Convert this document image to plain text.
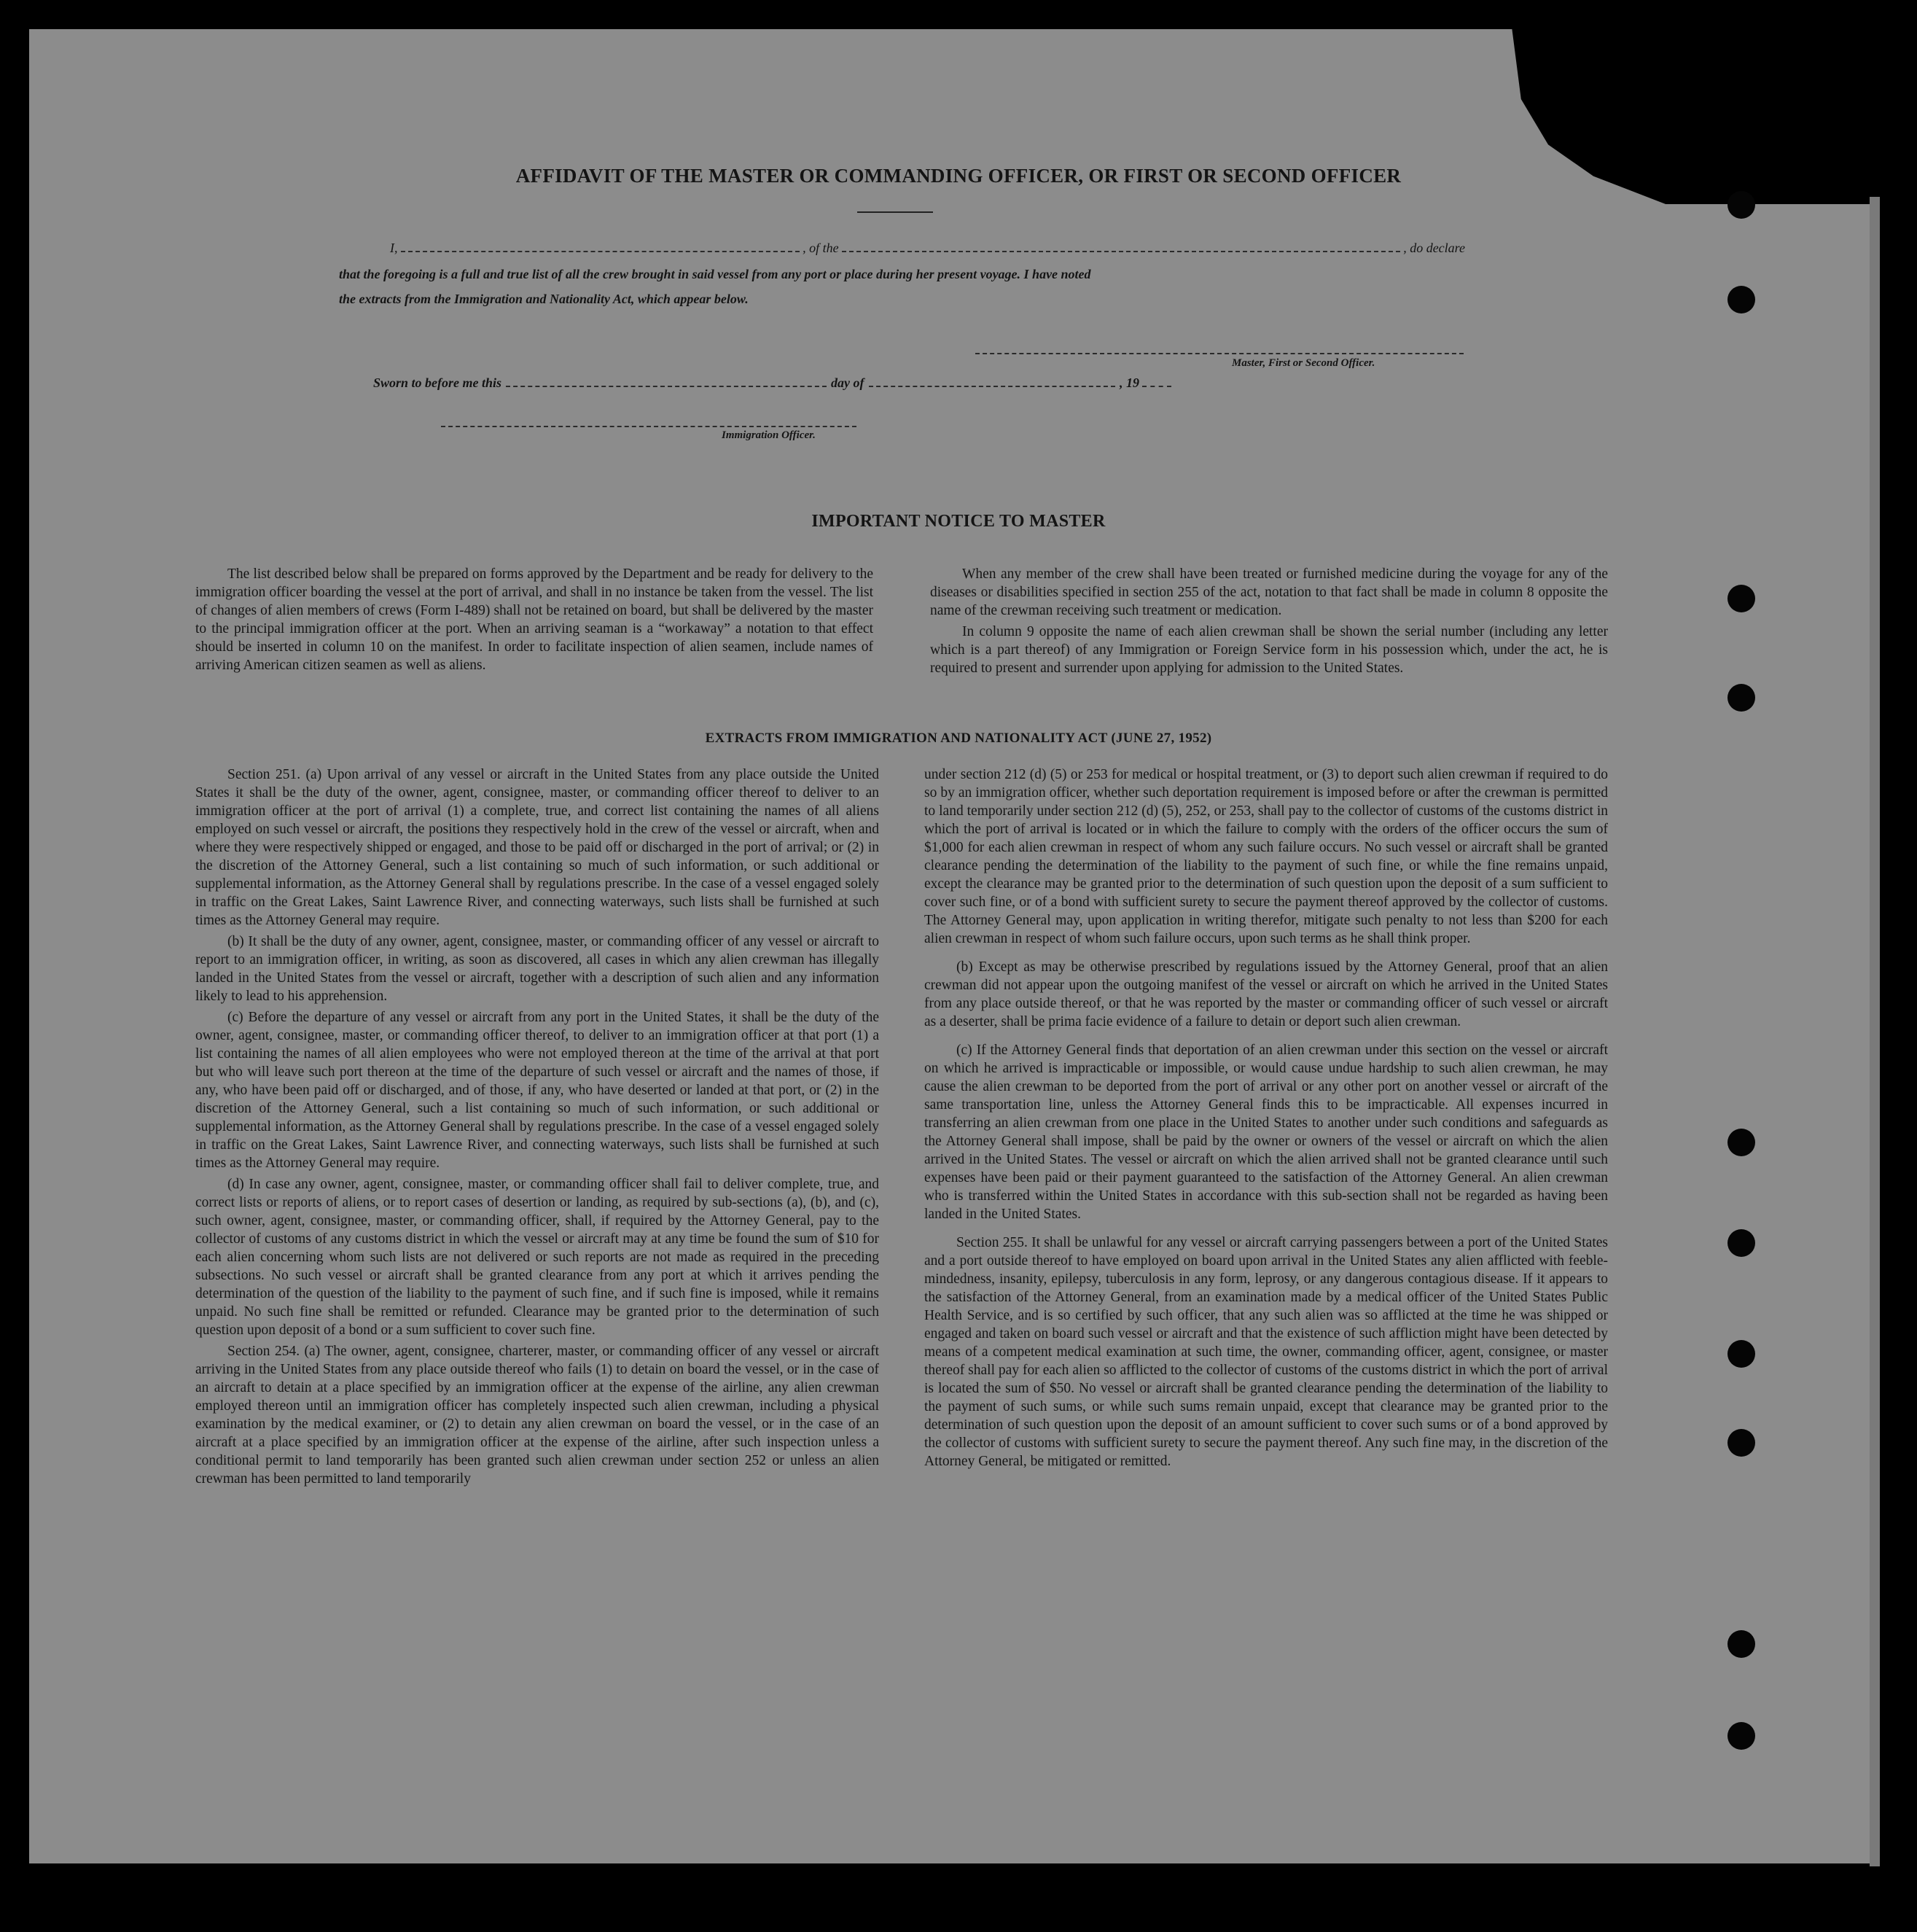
AFFIDAVIT OF THE MASTER OR COMMANDING OFFICER, OR FIRST OR SECOND OFFICER
I,	, of the	, do declare
that the foregoing is a full and true list of all the crew brought in said vessel from any port or place during her present voyage. I have noted
the extracts from the Immigration and Nationality Act, which appear below.
Master, First or Second Officer.
Sworn to before me this	day of	, 19
Immigration Officer.
IMPORTANT NOTICE TO MASTER

The list described below shall be prepared on forms approved by the Department and be ready for delivery to the immigration officer boarding the vessel at the port of arrival, and shall in no instance be taken from the vessel. The list of changes of alien members of crews (Form I-489) shall not be retained on board, but shall be delivered by the master to the principal immigration officer at the port. When an arriving seaman is a “workaway” a notation to that effect should be inserted in column 10 on the manifest. In order to facilitate inspection of alien seamen, include names of arriving American citizen seamen as well as aliens.

When any member of the crew shall have been treated or furnished medicine during the voyage for any of the diseases or disabilities specified in section 255 of the act, notation to that fact shall be made in column 8 opposite the name of the crewman receiving such treatment or medication.

In column 9 opposite the name of each alien crewman shall be shown the serial number (including any letter which is a part thereof) of any Immigration or Foreign Service form in his possession which, under the act, he is required to present and surrender upon applying for admission to the United States.

EXTRACTS FROM IMMIGRATION AND NATIONALITY ACT (JUNE 27, 1952)

Section 251. (a) Upon arrival of any vessel or aircraft in the United States from any place outside the United States it shall be the duty of the owner, agent, consignee, master, or commanding officer thereof to deliver to an immigration officer at the port of arrival (1) a complete, true, and correct list containing the names of all aliens employed on such vessel or aircraft, the positions they respectively hold in the crew of the vessel or aircraft, when and where they were respectively shipped or engaged, and those to be paid off or discharged in the port of arrival; or (2) in the discretion of the Attorney General, such a list containing so much of such information, or such additional or supplemental information, as the Attorney General shall by regulations prescribe. In the case of a vessel engaged solely in traffic on the Great Lakes, Saint Lawrence River, and connecting waterways, such lists shall be furnished at such times as the Attorney General may require.

(b) It shall be the duty of any owner, agent, consignee, master, or commanding officer of any vessel or aircraft to report to an immigration officer, in writing, as soon as discovered, all cases in which any alien crewman has illegally landed in the United States from the vessel or aircraft, together with a description of such alien and any information likely to lead to his apprehension.

(c) Before the departure of any vessel or aircraft from any port in the United States, it shall be the duty of the owner, agent, consignee, master, or commanding officer thereof, to deliver to an immigration officer at that port (1) a list containing the names of all alien employees who were not employed thereon at the time of the arrival at that port but who will leave such port thereon at the time of the departure of such vessel or aircraft and the names of those, if any, who have been paid off or discharged, and of those, if any, who have deserted or landed at that port, or (2) in the discretion of the Attorney General, such a list containing so much of such information, or such additional or supplemental information, as the Attorney General shall by regulations prescribe. In the case of a vessel engaged solely in traffic on the Great Lakes, Saint Lawrence River, and connecting waterways, such lists shall be furnished at such times as the Attorney General may require.

(d) In case any owner, agent, consignee, master, or commanding officer shall fail to deliver complete, true, and correct lists or reports of aliens, or to report cases of desertion or landing, as required by sub-sections (a), (b), and (c), such owner, agent, consignee, master, or commanding officer, shall, if required by the Attorney General, pay to the collector of customs of any customs district in which the vessel or aircraft may at any time be found the sum of $10 for each alien concerning whom such lists are not delivered or such reports are not made as required in the preceding subsections. No such vessel or aircraft shall be granted clearance from any port at which it arrives pending the determination of the question of the liability to the payment of such fine, and if such fine is imposed, while it remains unpaid. No such fine shall be remitted or refunded. Clearance may be granted prior to the determination of such question upon deposit of a bond or a sum sufficient to cover such fine.

Section 254. (a) The owner, agent, consignee, charterer, master, or commanding officer of any vessel or aircraft arriving in the United States from any place outside thereof who fails (1) to detain on board the vessel, or in the case of an aircraft to detain at a place specified by an immigration officer at the expense of the airline, any alien crewman employed thereon until an immigration officer has completely inspected such alien crewman, including a physical examination by the medical examiner, or (2) to detain any alien crewman on board the vessel, or in the case of an aircraft at a place specified by an immigration officer at the expense of the airline, after such inspection unless a conditional permit to land temporarily has been granted such alien crewman under section 252 or unless an alien crewman has been permitted to land temporarily

under section 212 (d) (5) or 253 for medical or hospital treatment, or (3) to deport such alien crewman if required to do so by an immigration officer, whether such deportation requirement is imposed before or after the crewman is permitted to land temporarily under section 212 (d) (5), 252, or 253, shall pay to the collector of customs of the customs district in which the port of arrival is located or in which the failure to comply with the orders of the officer occurs the sum of $1,000 for each alien crewman in respect of whom any such failure occurs. No such vessel or aircraft shall be granted clearance pending the determination of the liability to the payment of such fine, or while the fine remains unpaid, except the clearance may be granted prior to the determination of such question upon the deposit of a sum sufficient to cover such fine, or of a bond with sufficient surety to secure the payment thereof approved by the collector of customs. The Attorney General may, upon application in writing therefor, mitigate such penalty to not less than $200 for each alien crewman in respect of whom such failure occurs, upon such terms as he shall think proper.

(b) Except as may be otherwise prescribed by regulations issued by the Attorney General, proof that an alien crewman did not appear upon the outgoing manifest of the vessel or aircraft on which he arrived in the United States from any place outside thereof, or that he was reported by the master or commanding officer of such vessel or aircraft as a deserter, shall be prima facie evidence of a failure to detain or deport such alien crewman.

(c) If the Attorney General finds that deportation of an alien crewman under this section on the vessel or aircraft on which he arrived is impracticable or impossible, or would cause undue hardship to such alien crewman, he may cause the alien crewman to be deported from the port of arrival or any other port on another vessel or aircraft of the same transportation line, unless the Attorney General finds this to be impracticable. All expenses incurred in transferring an alien crewman from one place in the United States to another under such conditions and safeguards as the Attorney General shall impose, shall be paid by the owner or owners of the vessel or aircraft on which the alien arrived in the United States. The vessel or aircraft on which the alien arrived shall not be granted clearance until such expenses have been paid or their payment guaranteed to the satisfaction of the Attorney General. An alien crewman who is transferred within the United States in accordance with this sub-section shall not be regarded as having been landed in the United States.

Section 255. It shall be unlawful for any vessel or aircraft carrying passengers between a port of the United States and a port outside thereof to have employed on board upon arrival in the United States any alien afflicted with feeble-mindedness, insanity, epilepsy, tuberculosis in any form, leprosy, or any dangerous contagious disease. If it appears to the satisfaction of the Attorney General, from an examination made by a medical officer of the United States Public Health Service, and is so certified by such officer, that any such alien was so afflicted at the time he was shipped or engaged and taken on board such vessel or aircraft and that the existence of such affliction might have been detected by means of a competent medical examination at such time, the owner, commanding officer, agent, consignee, or master thereof shall pay for each alien so afflicted to the collector of customs of the customs district in which the port of arrival is located the sum of $50. No vessel or aircraft shall be granted clearance pending the determination of the liability to the payment of such sums, or while such sums remain unpaid, except that clearance may be granted prior to the determination of such question upon the deposit of an amount sufficient to cover such sums or of a bond approved by the collector of customs with sufficient surety to secure the payment thereof. Any such fine may, in the discretion of the Attorney General, be mitigated or remitted.
